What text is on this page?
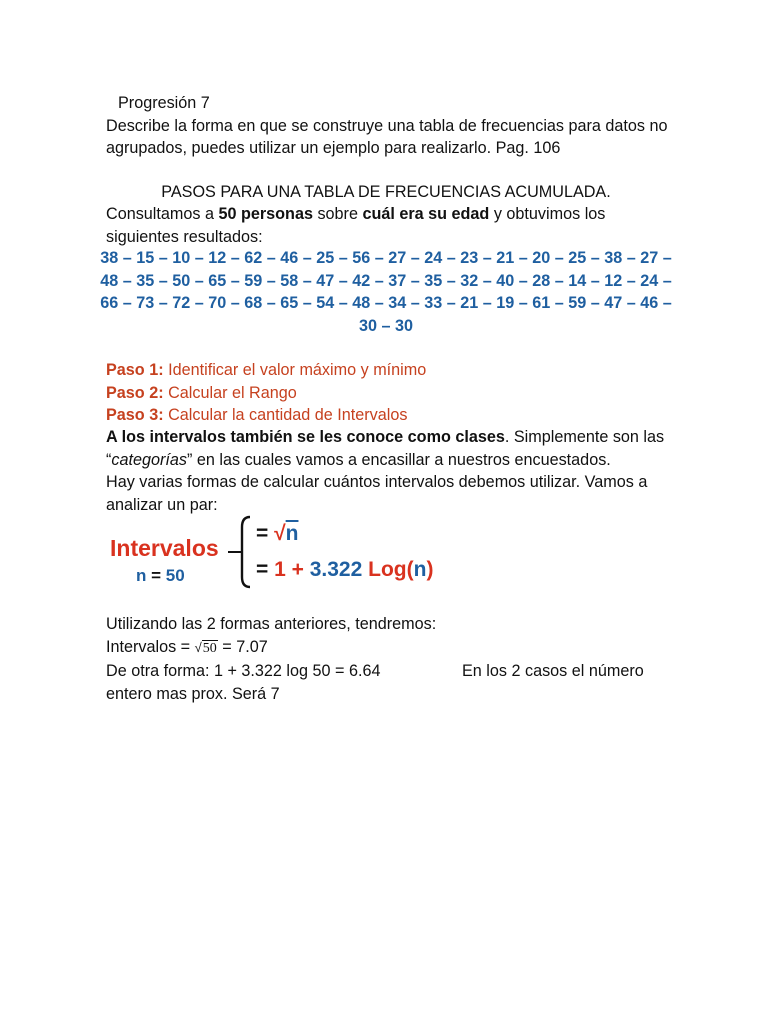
Progresión 7
Describe la forma en que se construye una tabla de frecuencias para datos no
agrupados, puedes utilizar un ejemplo para realizarlo. Pag. 106
PASOS PARA UNA TABLA DE FRECUENCIAS ACUMULADA.
Consultamos a 50 personas sobre cuál era su edad y obtuvimos los
siguientes resultados:
38 – 15 – 10 – 12 – 62 – 46 – 25 – 56 – 27 – 24 – 23 – 21 – 20 – 25 – 38 – 27 –
48 – 35 – 50 – 65 – 59 – 58 – 47 – 42 – 37 – 35 – 32 – 40 – 28 – 14 – 12 – 24 –
66 – 73 – 72 – 70 – 68 – 65 – 54 – 48 – 34 – 33 – 21 – 19 – 61 – 59 – 47 – 46 –
30 – 30
Paso 1: Identificar el valor máximo y mínimo
Paso 2: Calcular el Rango
Paso 3: Calcular la cantidad de Intervalos
A los intervalos también se les conoce como clases. Simplemente son las
“categorías” en las cuales vamos a encasillar a nuestros encuestados.
Hay varias formas de calcular cuántos intervalos debemos utilizar. Vamos a
analizar un par:
Intervalos
n = 50
= √n
= 1 + 3.322 Log(n)
Utilizando las 2 formas anteriores, tendremos:
Intervalos = √50 = 7.07
De otra forma: 1 + 3.322 log 50 = 6.64	En los 2 casos el número
entero mas prox. Será 7
